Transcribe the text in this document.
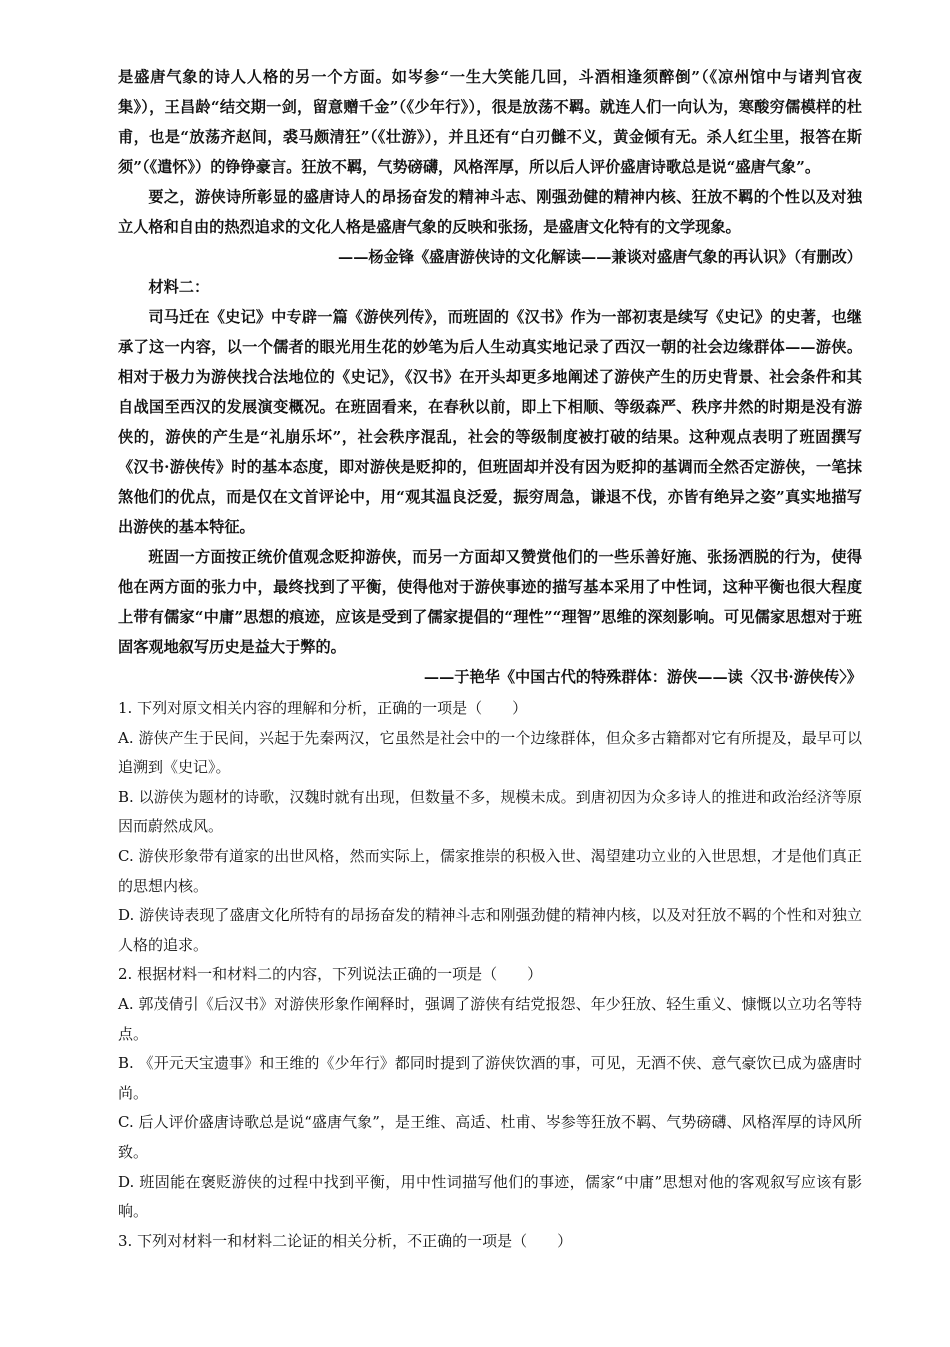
是盛唐气象的诗人人格的另一个方面。如岑参“一生大笑能几回，斗酒相逢须醉倒”（《凉州馆中与诸判官夜集》），王昌龄“结交期一剑，留意赠千金”（《少年行》），很是放荡不羁。就连人们一向认为，寒酸穷儒模样的杜甫，也是“放荡齐赵间，裘马颇清狂”（《壮游》），并且还有“白刃雠不义，黄金倾有无。杀人红尘里，报答在斯须”（《遣怀》）的铮铮豪言。狂放不羁，气势磅礴，风格浑厚，所以后人评价盛唐诗歌总是说“盛唐气象”。

要之，游侠诗所彰显的盛唐诗人的昂扬奋发的精神斗志、刚强劲健的精神内核、狂放不羁的个性以及对独立人格和自由的热烈追求的文化人格是盛唐气象的反映和张扬，是盛唐文化特有的文学现象。

——杨金锋《盛唐游侠诗的文化解读——兼谈对盛唐气象的再认识》（有删改）

材料二：

司马迁在《史记》中专辟一篇《游侠列传》，而班固的《汉书》作为一部初衷是续写《史记》的史著，也继承了这一内容，以一个儒者的眼光用生花的妙笔为后人生动真实地记录了西汉一朝的社会边缘群体——游侠。相对于极力为游侠找合法地位的《史记》，《汉书》在开头却更多地阐述了游侠产生的历史背景、社会条件和其自战国至西汉的发展演变概况。在班固看来，在春秋以前，即上下相顺、等级森严、秩序井然的时期是没有游侠的，游侠的产生是“礼崩乐坏”，社会秩序混乱，社会的等级制度被打破的结果。这种观点表明了班固撰写《汉书·游侠传》时的基本态度，即对游侠是贬抑的，但班固却并没有因为贬抑的基调而全然否定游侠，一笔抹煞他们的优点，而是仅在文首评论中，用“观其温良泛爱，振穷周急，谦退不伐，亦皆有绝异之姿”真实地描写出游侠的基本特征。

班固一方面按正统价值观念贬抑游侠，而另一方面却又赞赏他们的一些乐善好施、张扬洒脱的行为，使得他在两方面的张力中，最终找到了平衡，使得他对于游侠事迹的描写基本采用了中性词，这种平衡也很大程度上带有儒家“中庸”思想的痕迹，应该是受到了儒家提倡的“理性”“理智”思维的深刻影响。可见儒家思想对于班固客观地叙写历史是益大于弊的。

——于艳华《中国古代的特殊群体：游侠——读〈汉书·游侠传〉》

1. 下列对原文相关内容的理解和分析，正确的一项是（　　）

A. 游侠产生于民间，兴起于先秦两汉，它虽然是社会中的一个边缘群体，但众多古籍都对它有所提及，最早可以追溯到《史记》。

B. 以游侠为题材的诗歌，汉魏时就有出现，但数量不多，规模未成。到唐初因为众多诗人的推进和政治经济等原因而蔚然成风。

C. 游侠形象带有道家的出世风格，然而实际上，儒家推崇的积极入世、渴望建功立业的入世思想，才是他们真正的思想内核。

D. 游侠诗表现了盛唐文化所特有的昂扬奋发的精神斗志和刚强劲健的精神内核，以及对狂放不羁的个性和对独立人格的追求。

2. 根据材料一和材料二的内容，下列说法正确的一项是（　　）

A. 郭茂倩引《后汉书》对游侠形象作阐释时，强调了游侠有结党报怨、年少狂放、轻生重义、慷慨以立功名等特点。

B. 《开元天宝遗事》和王维的《少年行》都同时提到了游侠饮酒的事，可见，无酒不侠、意气豪饮已成为盛唐时尚。

C. 后人评价盛唐诗歌总是说“盛唐气象”，是王维、高适、杜甫、岑参等狂放不羁、气势磅礴、风格浑厚的诗风所致。

D. 班固能在褒贬游侠的过程中找到平衡，用中性词描写他们的事迹，儒家“中庸”思想对他的客观叙写应该有影响。

3. 下列对材料一和材料二论证的相关分析，不正确的一项是（　　）
